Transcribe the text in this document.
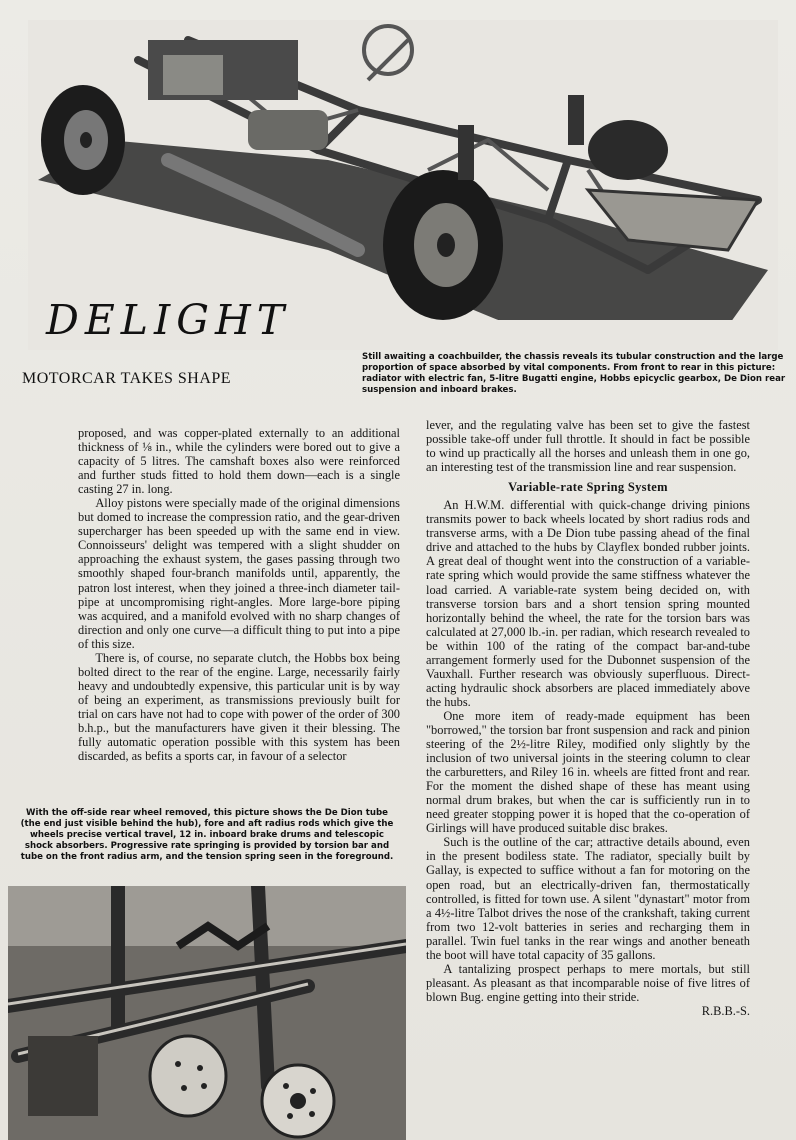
DELIGHT
MOTORCAR TAKES SHAPE
Still awaiting a coachbuilder, the chassis reveals its tubular construction and the large proportion of space absorbed by vital components. From front to rear in this picture: radiator with electric fan, 5-litre Bugatti engine, Hobbs epicyclic gearbox, De Dion rear suspension and inboard brakes.

proposed, and was copper-plated externally to an additional thickness of ⅛ in., while the cylinders were bored out to give a capacity of 5 litres. The camshaft boxes also were reinforced and further studs fitted to hold them down—each is a single casting 27 in. long.

Alloy pistons were specially made of the original dimensions but domed to increase the compression ratio, and the gear-driven supercharger has been speeded up with the same end in view. Connoisseurs' delight was tempered with a slight shudder on approaching the exhaust system, the gases passing through two smoothly shaped four-branch manifolds until, apparently, the patron lost interest, when they joined a three-inch diameter tail-pipe at uncompromising right-angles. More large-bore piping was acquired, and a manifold evolved with no sharp changes of direction and only one curve—a difficult thing to put into a pipe of this size.

There is, of course, no separate clutch, the Hobbs box being bolted direct to the rear of the engine. Large, necessarily fairly heavy and undoubtedly expensive, this particular unit is by way of being an experiment, as transmissions previously built for trial on cars have not had to cope with power of the order of 300 b.h.p., but the manufacturers have given it their blessing. The fully automatic operation possible with this system has been discarded, as befits a sports car, in favour of a selector

With the off-side rear wheel removed, this picture shows the De Dion tube (the end just visible behind the hub), fore and aft radius rods which give the wheels precise vertical travel, 12 in. inboard brake drums and telescopic shock absorbers. Progressive rate springing is provided by torsion bar and tube on the front radius arm, and the tension spring seen in the foreground.

lever, and the regulating valve has been set to give the fastest possible take-off under full throttle. It should in fact be possible to wind up practically all the horses and unleash them in one go, an interesting test of the transmission line and rear suspension.

Variable-rate Spring System

An H.W.M. differential with quick-change driving pinions transmits power to back wheels located by short radius rods and transverse arms, with a De Dion tube passing ahead of the final drive and attached to the hubs by Clayflex bonded rubber joints. A great deal of thought went into the construction of a variable-rate spring which would provide the same stiffness whatever the load carried. A variable-rate system being decided on, with transverse torsion bars and a short tension spring mounted horizontally behind the wheel, the rate for the torsion bars was calculated at 27,000 lb.-in. per radian, which research revealed to be within 100 of the rating of the compact bar-and-tube arrangement formerly used for the Dubonnet suspension of the Vauxhall. Further research was obviously superfluous. Direct-acting hydraulic shock absorbers are placed immediately above the hubs.

One more item of ready-made equipment has been "borrowed," the torsion bar front suspension and rack and pinion steering of the 2½-litre Riley, modified only slightly by the inclusion of two universal joints in the steering column to clear the carburetters, and Riley 16 in. wheels are fitted front and rear. For the moment the dished shape of these has meant using normal drum brakes, but when the car is sufficiently run in to need greater stopping power it is hoped that the co-operation of Girlings will have produced suitable disc brakes.

Such is the outline of the car; attractive details abound, even in the present bodiless state. The radiator, specially built by Gallay, is expected to suffice without a fan for motoring on the open road, but an electrically-driven fan, thermostatically controlled, is fitted for town use. A silent "dynastart" motor from a 4½-litre Talbot drives the nose of the crankshaft, taking current from two 12-volt batteries in series and recharging them in parallel. Twin fuel tanks in the rear wings and another beneath the boot will have total capacity of 35 gallons.

A tantalizing prospect perhaps to mere mortals, but still pleasant. As pleasant as that incomparable noise of five litres of blown Bug. engine getting into their stride.

R.B.B.-S.
